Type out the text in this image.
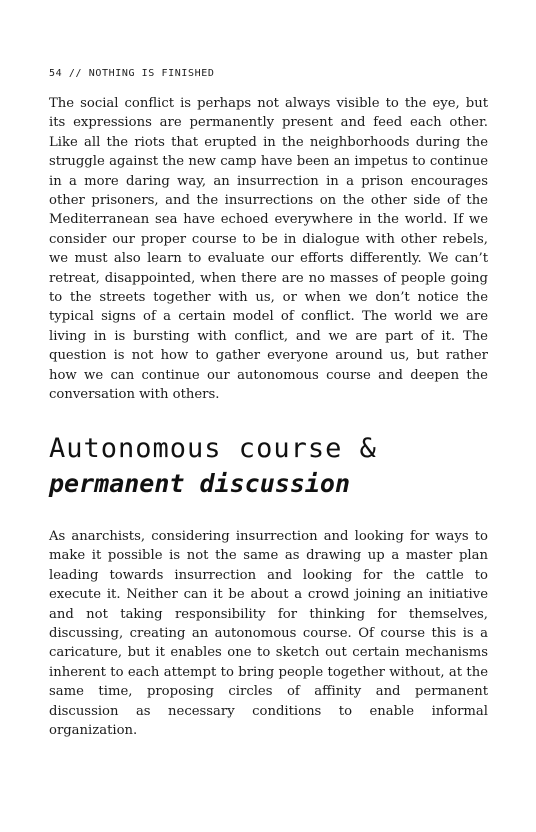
54 // NOTHING IS FINISHED

The social conflict is perhaps not always visible to the eye, but its expressions are permanently present and feed each other. Like all the riots that erupted in the neighborhoods during the struggle against the new camp have been an impetus to continue in a more daring way, an insurrection in a prison encourages other prisoners, and the insurrections on the other side of the Mediterranean sea have echoed everywhere in the world. If we consider our proper course to be in dialogue with other rebels, we must also learn to evaluate our efforts differently. We can’t retreat, disappointed, when there are no masses of people going to the streets together with us, or when we don’t notice the typical signs of a certain model of conflict. The world we are living in is bursting with conflict, and we are part of it. The question is not how to gather everyone around us, but rather how we can continue our autonomous course and deepen the conversation with others.

Autonomous course &
permanent discussion

As anarchists, considering insurrection and looking for ways to make it possible is not the same as drawing up a master plan leading towards insurrection and looking for the cattle to execute it. Neither can it be about a crowd joining an initiative and not taking responsibility for thinking for themselves, discussing, creating an autonomous course. Of course this is a caricature, but it enables one to sketch out certain mechanisms inherent to each attempt to bring people together without, at the same time, proposing circles of affinity and permanent discussion as necessary conditions to enable informal organization.
